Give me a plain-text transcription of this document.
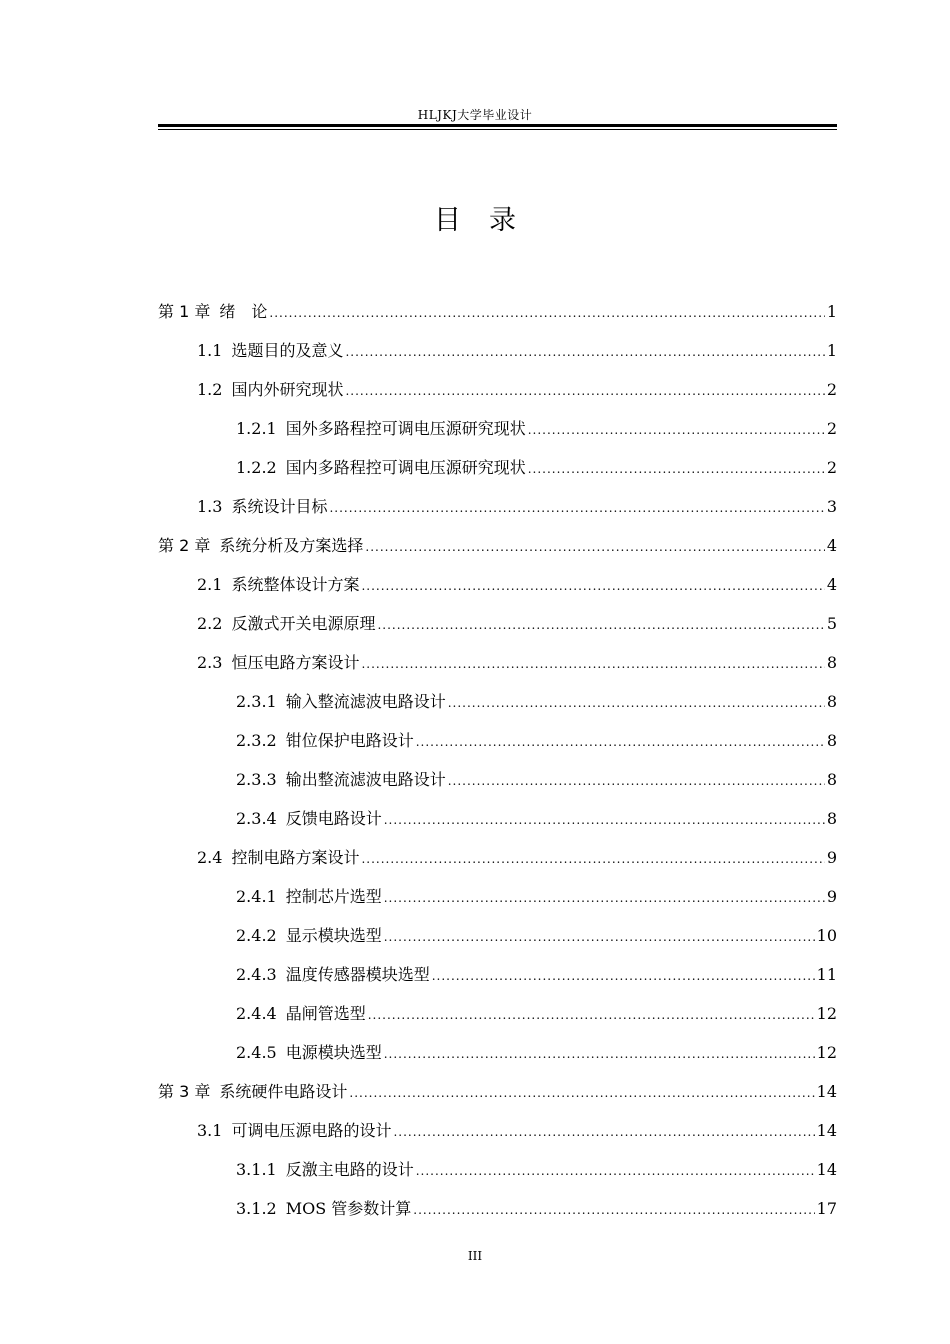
HLJKJ大学毕业设计
目录
第 1 章 绪　论 .....	1
1.1 选题目的及意义 .....	1
1.2 国内外研究现状 .....	2
1.2.1 国外多路程控可调电压源研究现状 .....	2
1.2.2 国内多路程控可调电压源研究现状 .....	2
1.3 系统设计目标 .....	3
第 2 章 系统分析及方案选择 .....	4
2.1 系统整体设计方案 .....	4
2.2 反激式开关电源原理 .....	5
2.3 恒压电路方案设计 .....	8
2.3.1 输入整流滤波电路设计 .....	8
2.3.2 钳位保护电路设计 .....	8
2.3.3 输出整流滤波电路设计 .....	8
2.3.4 反馈电路设计 .....	8
2.4 控制电路方案设计 .....	9
2.4.1 控制芯片选型 .....	9
2.4.2 显示模块选型 .....	10
2.4.3 温度传感器模块选型 .....	11
2.4.4 晶闸管选型 .....	12
2.4.5 电源模块选型 .....	12
第 3 章 系统硬件电路设计 .....	14
3.1 可调电压源电路的设计 .....	14
3.1.1 反激主电路的设计 .....	14
3.1.2 MOS 管参数计算 .....	17
III
